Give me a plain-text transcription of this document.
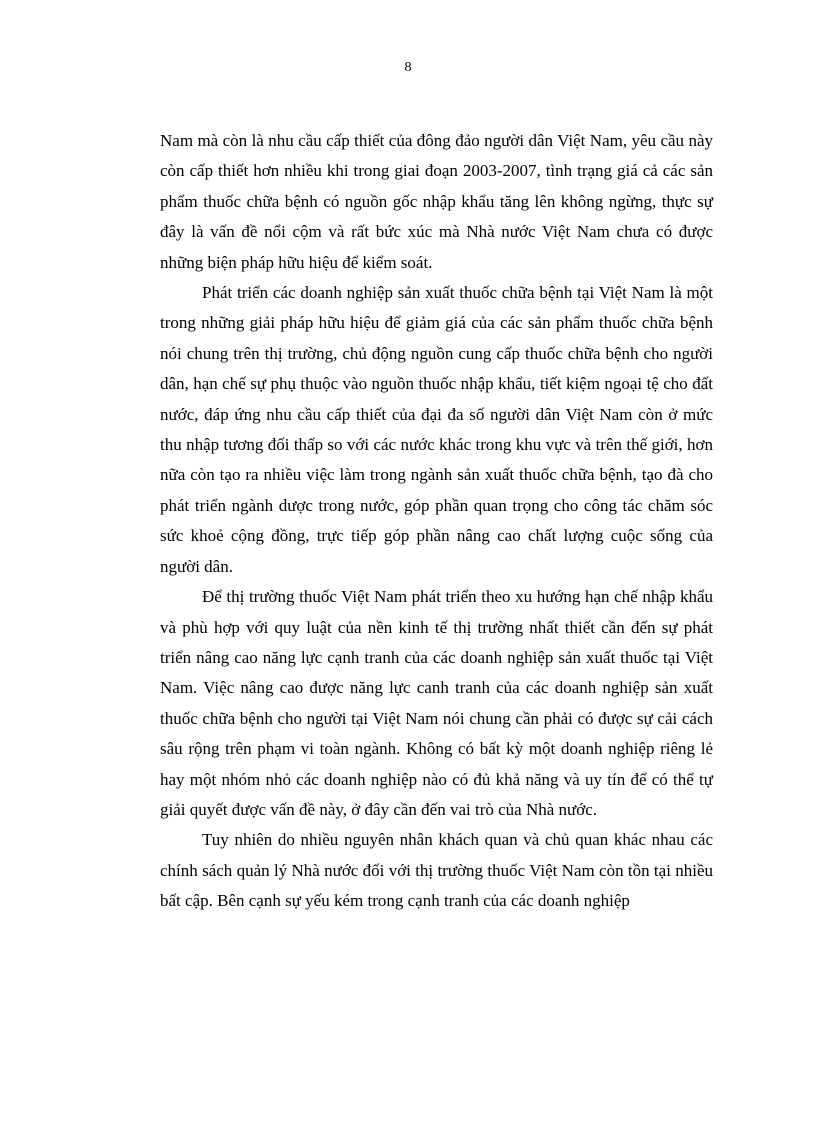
8

Nam mà còn là nhu cầu cấp thiết của đông đảo người dân Việt Nam, yêu cầu này còn cấp thiết hơn nhiều khi trong giai đoạn 2003-2007, tình trạng giá cả các sản phẩm thuốc chữa bệnh có nguồn gốc nhập khẩu tăng lên không ngừng, thực sự đây là vấn đề nổi cộm và rất bức xúc mà Nhà nước Việt Nam chưa có được những biện pháp hữu hiệu để kiểm soát.

Phát triển các doanh nghiệp sản xuất thuốc chữa bệnh tại Việt Nam là một trong những giải pháp hữu hiệu để giảm giá của các sản phẩm thuốc chữa bệnh nói chung trên thị trường, chủ động nguồn cung cấp thuốc chữa bệnh cho người dân, hạn chế sự phụ thuộc vào nguồn thuốc nhập khẩu, tiết kiệm ngoại tệ cho đất nước, đáp ứng nhu cầu cấp thiết của đại đa số người dân Việt Nam còn ở mức thu nhập tương đối thấp so với các nước khác trong khu vực và trên thế giới, hơn nữa còn tạo ra nhiều việc làm trong ngành sản xuất thuốc chữa bệnh, tạo đà cho phát triển ngành dược trong nước, góp phần quan trọng cho công tác chăm sóc sức khoẻ cộng đồng, trực tiếp góp phần nâng cao chất lượng cuộc sống của người dân.

Để thị trường thuốc Việt Nam phát triển theo xu hướng hạn chế nhập khẩu và phù hợp với quy luật của nền kinh tế thị trường nhất thiết cần đến sự phát triển nâng cao năng lực cạnh tranh của các doanh nghiệp sản xuất thuốc tại Việt Nam. Việc nâng cao được năng lực canh tranh của các doanh nghiệp sản xuất thuốc chữa bệnh cho người tại Việt Nam nói chung cần phải có được sự cải cách sâu rộng trên phạm vi toàn ngành. Không có bất kỳ một doanh nghiệp riêng lẻ hay một nhóm nhỏ các doanh nghiệp nào có đủ khả năng và uy tín để có thể tự giải quyết được vấn đề này, ở đây cần đến vai trò của Nhà nước.

Tuy nhiên do nhiều nguyên nhân khách quan và chủ quan khác nhau các chính sách quản lý Nhà nước đối với thị trường thuốc Việt Nam còn tồn tại nhiều bất cập. Bên cạnh sự yếu kém trong cạnh tranh của các doanh nghiệp
